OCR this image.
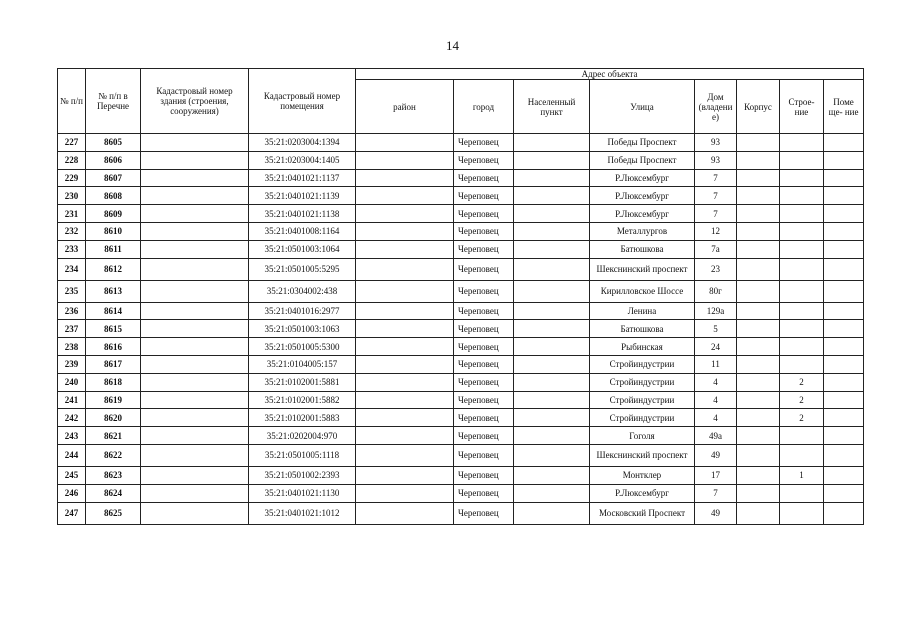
14
№ п/п	№ п/п в Перечне	Кадастровый номер здания (строения, сооружения)	Кадастровый номер помещения	Адрес объекта							
				район	город	Населенный пункт	Улица	Дом (владени е)	Корпус	Строе- ние	Поме ще- ние
227	8605		35:21:0203004:1394		Череповец		Победы Проспект	93			
228	8606		35:21:0203004:1405		Череповец		Победы Проспект	93			
229	8607		35:21:0401021:1137		Череповец		Р.Люксембург	7			
230	8608		35:21:0401021:1139		Череповец		Р.Люксембург	7			
231	8609		35:21:0401021:1138		Череповец		Р.Люксембург	7			
232	8610		35:21:0401008:1164		Череповец		Металлургов	12			
233	8611		35:21:0501003:1064		Череповец		Батюшкова	7а			
234	8612		35:21:0501005:5295		Череповец		Шекснинский проспект	23			
235	8613		35:21:0304002:438		Череповец		Кирилловское Шоссе	80г			
236	8614		35:21:0401016:2977		Череповец		Ленина	129а			
237	8615		35:21:0501003:1063		Череповец		Батюшкова	5			
238	8616		35:21:0501005:5300		Череповец		Рыбинская	24			
239	8617		35:21:0104005:157		Череповец		Стройиндустрии	11			
240	8618		35:21:0102001:5881		Череповец		Стройиндустрии	4		2	
241	8619		35:21:0102001:5882		Череповец		Стройиндустрии	4		2	
242	8620		35:21:0102001:5883		Череповец		Стройиндустрии	4		2	
243	8621		35:21:0202004:970		Череповец		Гоголя	49а			
244	8622		35:21:0501005:1118		Череповец		Шекснинский проспект	49			
245	8623		35:21:0501002:2393		Череповец		Монтклер	17		1	
246	8624		35:21:0401021:1130		Череповец		Р.Люксембург	7			
247	8625		35:21:0401021:1012		Череповец		Московский Проспект	49			
